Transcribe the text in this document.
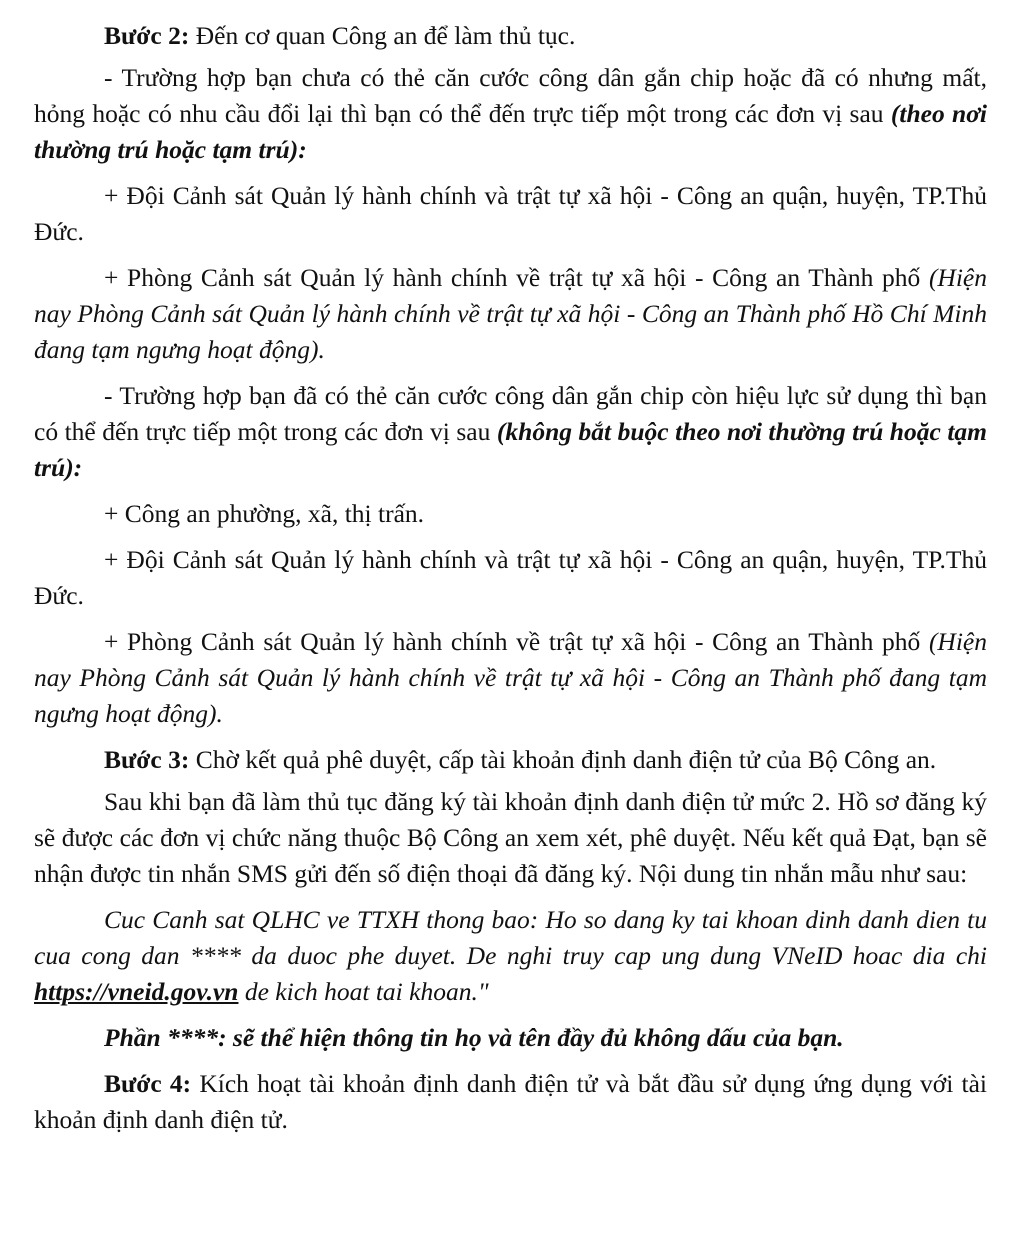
Bước 2: Đến cơ quan Công an để làm thủ tục.

- Trường hợp bạn chưa có thẻ căn cước công dân gắn chip hoặc đã có nhưng mất, hỏng hoặc có nhu cầu đổi lại thì bạn có thể đến trực tiếp một trong các đơn vị sau (theo nơi thường trú hoặc tạm trú):

+ Đội Cảnh sát Quản lý hành chính và trật tự xã hội - Công an quận, huyện, TP.Thủ Đức.

+ Phòng Cảnh sát Quản lý hành chính về trật tự xã hội - Công an Thành phố (Hiện nay Phòng Cảnh sát Quản lý hành chính về trật tự xã hội - Công an Thành phố Hồ Chí Minh đang tạm ngưng hoạt động).

- Trường hợp bạn đã có thẻ căn cước công dân gắn chip còn hiệu lực sử dụng thì bạn có thể đến trực tiếp một trong các đơn vị sau (không bắt buộc theo nơi thường trú hoặc tạm trú):

+ Công an phường, xã, thị trấn.

+ Đội Cảnh sát Quản lý hành chính và trật tự xã hội - Công an quận, huyện, TP.Thủ Đức.

+ Phòng Cảnh sát Quản lý hành chính về trật tự xã hội - Công an Thành phố (Hiện nay Phòng Cảnh sát Quản lý hành chính về trật tự xã hội - Công an Thành phố đang tạm ngưng hoạt động).

Bước 3: Chờ kết quả phê duyệt, cấp tài khoản định danh điện tử của Bộ Công an.

Sau khi bạn đã làm thủ tục đăng ký tài khoản định danh điện tử mức 2. Hồ sơ đăng ký sẽ được các đơn vị chức năng thuộc Bộ Công an xem xét, phê duyệt. Nếu kết quả Đạt, bạn sẽ nhận được tin nhắn SMS gửi đến số điện thoại đã đăng ký. Nội dung tin nhắn mẫu như sau:

Cuc Canh sat QLHC ve TTXH thong bao: Ho so dang ky tai khoan dinh danh dien tu cua cong dan **** da duoc phe duyet. De nghi truy cap ung dung VNeID hoac dia chi https://vneid.gov.vn de kich hoat tai khoan."

Phần ****: sẽ thể hiện thông tin họ và tên đầy đủ không dấu của bạn.

Bước 4: Kích hoạt tài khoản định danh điện tử và bắt đầu sử dụng ứng dụng với tài khoản định danh điện tử.
